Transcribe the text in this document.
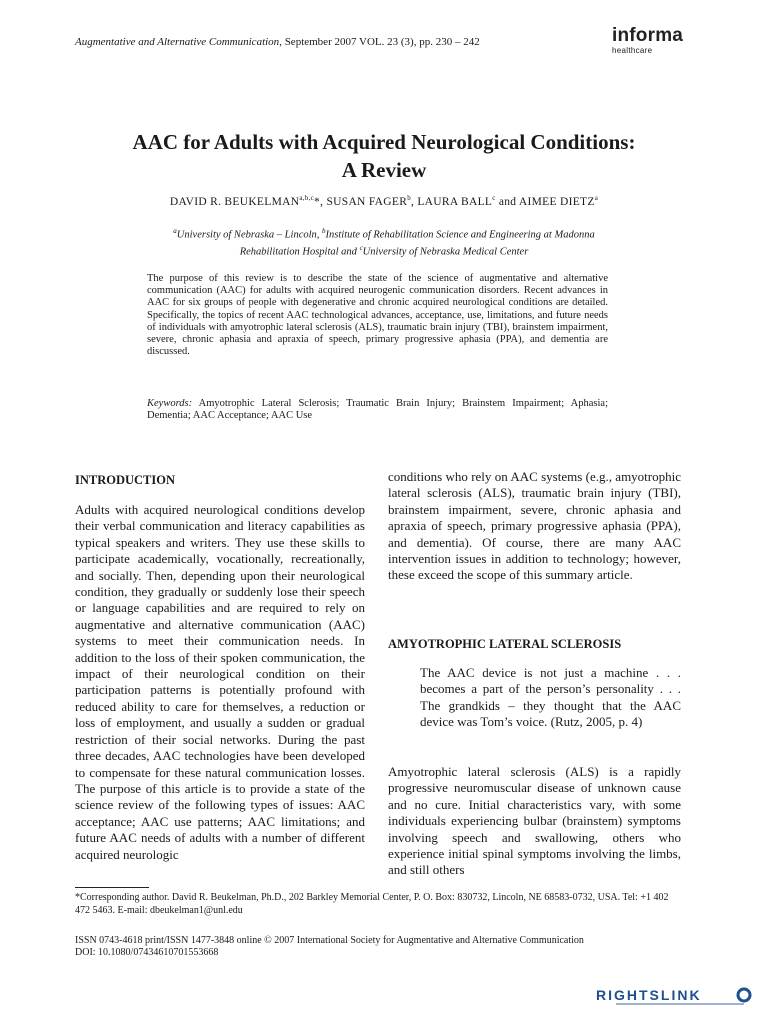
Augmentative and Alternative Communication, September 2007 VOL. 23 (3), pp. 230 – 242	informa
healthcare
AAC for Adults with Acquired Neurological Conditions:
A Review
DAVID R. BEUKELMAN$^{a,b,c}$*, SUSAN FAGER$^b$, LAURA BALL$^c$ and AIMEE DIETZ$^a$
$^a$University of Nebraska – Lincoln, $^b$Institute of Rehabilitation Science and Engineering at Madonna
Rehabilitation Hospital and $^c$University of Nebraska Medical Center
The purpose of this review is to describe the state of the science of augmentative and alternative communication (AAC) for adults with acquired neurogenic communication disorders. Recent advances in AAC for six groups of people with degenerative and chronic acquired neurological conditions are detailed. Specifically, the topics of recent AAC technological advances, acceptance, use, limitations, and future needs of individuals with amyotrophic lateral sclerosis (ALS), traumatic brain injury (TBI), brainstem impairment, severe, chronic aphasia and apraxia of speech, primary progressive aphasia (PPA), and dementia are discussed.
Keywords: Amyotrophic Lateral Sclerosis; Traumatic Brain Injury; Brainstem Impairment; Aphasia; Dementia; AAC Acceptance; AAC Use
INTRODUCTION
Adults with acquired neurological conditions develop their verbal communication and literacy capabilities as typical speakers and writers. They use these skills to participate academically, vocationally, recreationally, and socially. Then, depending upon their neurological condition, they gradually or suddenly lose their speech or language capabilities and are required to rely on augmentative and alternative communication (AAC) systems to meet their communication needs. In addition to the loss of their spoken communication, the impact of their neurological condition on their participation patterns is potentially profound with reduced ability to care for themselves, a reduction or loss of employment, and usually a sudden or gradual restriction of their social networks. During the past three decades, AAC technologies have been developed to compensate for these natural communication losses. The purpose of this article is to provide a state of the science review of the following types of issues: AAC acceptance; AAC use patterns; AAC limitations; and future AAC needs of adults with a number of different acquired neurologic
conditions who rely on AAC systems (e.g., amyotrophic lateral sclerosis (ALS), traumatic brain injury (TBI), brainstem impairment, severe, chronic aphasia and apraxia of speech, primary progressive aphasia (PPA), and dementia). Of course, there are many AAC intervention issues in addition to technology; however, these exceed the scope of this summary article.
AMYOTROPHIC LATERAL SCLEROSIS
The AAC device is not just a machine . . . becomes a part of the person’s personality . . . The grandkids – they thought that the AAC device was Tom’s voice. (Rutz, 2005, p. 4)
Amyotrophic lateral sclerosis (ALS) is a rapidly progressive neuromuscular disease of unknown cause and no cure. Initial characteristics vary, with some individuals experiencing bulbar (brainstem) symptoms involving speech and swallowing, others who experience initial spinal symptoms involving the limbs, and still others
*Corresponding author. David R. Beukelman, Ph.D., 202 Barkley Memorial Center, P. O. Box: 830732, Lincoln, NE 68583-0732, USA. Tel: +1 402 472 5463. E-mail: dbeukelman1@unl.edu
ISSN 0743-4618 print/ISSN 1477-3848 online © 2007 International Society for Augmentative and Alternative Communication
DOI: 10.1080/07434610701553668
RIGHTSLINK
